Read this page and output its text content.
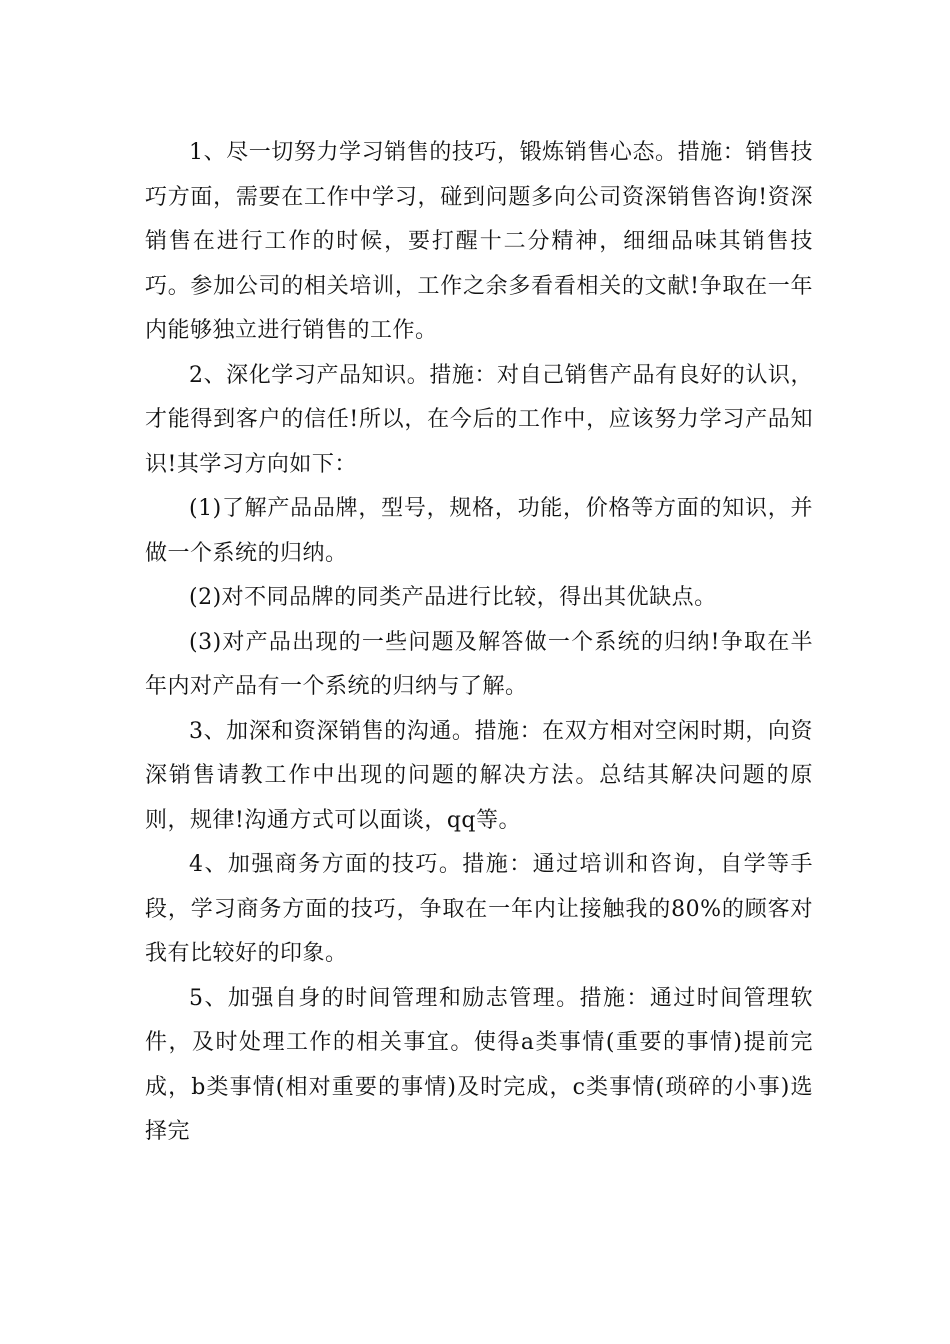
1、尽一切努力学习销售的技巧，锻炼销售心态。措施：销售技巧方面，需要在工作中学习，碰到问题多向公司资深销售咨询!资深销售在进行工作的时候，要打醒十二分精神，细细品味其销售技巧。参加公司的相关培训，工作之余多看看相关的文献!争取在一年内能够独立进行销售的工作。

2、深化学习产品知识。措施：对自己销售产品有良好的认识，才能得到客户的信任!所以，在今后的工作中，应该努力学习产品知识!其学习方向如下：

(1)了解产品品牌，型号，规格，功能，价格等方面的知识，并做一个系统的归纳。

(2)对不同品牌的同类产品进行比较，得出其优缺点。

(3)对产品出现的一些问题及解答做一个系统的归纳!争取在半年内对产品有一个系统的归纳与了解。

3、加深和资深销售的沟通。措施：在双方相对空闲时期，向资深销售请教工作中出现的问题的解决方法。总结其解决问题的原则，规律!沟通方式可以面谈，qq等。

4、加强商务方面的技巧。措施：通过培训和咨询，自学等手段，学习商务方面的技巧，争取在一年内让接触我的80%的顾客对我有比较好的印象。

5、加强自身的时间管理和励志管理。措施：通过时间管理软件，及时处理工作的相关事宜。使得a类事情(重要的事情)提前完成，b类事情(相对重要的事情)及时完成，c类事情(琐碎的小事)选择完
